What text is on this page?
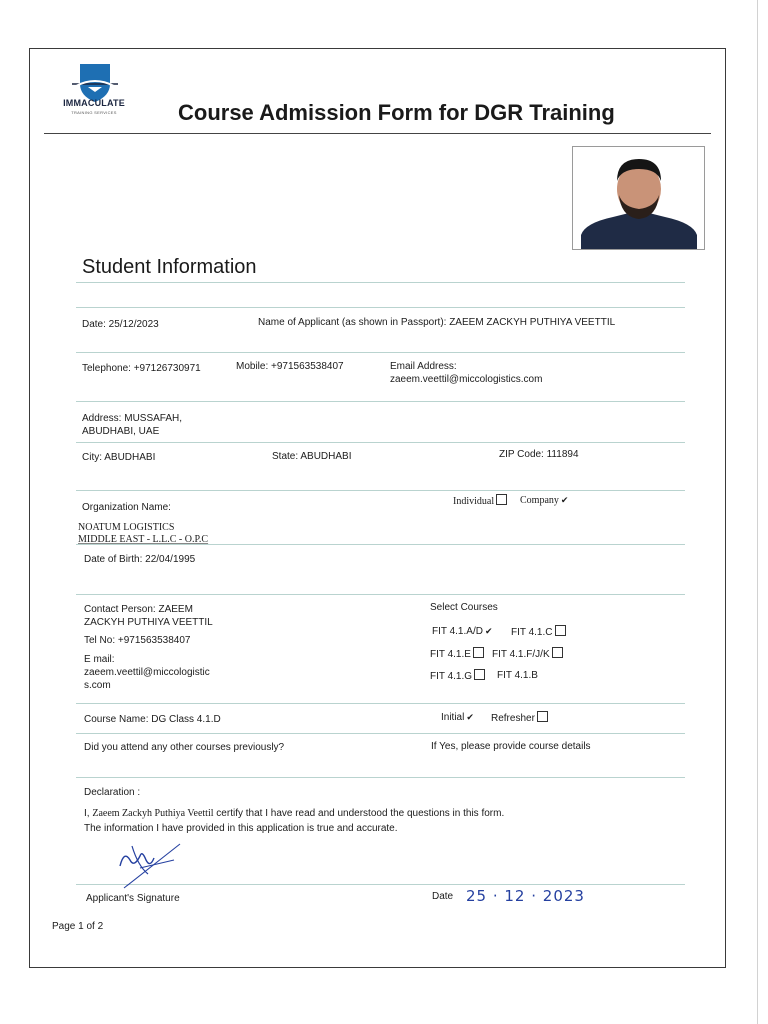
IMMACULATE
TRAINING SERVICES	Course Admission Form for DGR Training
Student Information
Date: 25/12/2023	Name of Applicant (as shown in Passport): ZAEEM ZACKYH PUTHIYA VEETTIL
Telephone: +97126730971	Mobile: +971563538407	Email Address:
zaeem.veettil@miccologistics.com
Address: MUSSAFAH,
ABUDHABI, UAE
City: ABUDHABI	State: ABUDHABI	ZIP Code: 111894
Organization Name:
Individual	Company ✔
NOATUM LOGISTICS
MIDDLE EAST - L.L.C - O.P.C
Date of Birth: 22/04/1995
Contact Person: ZAEEM
ZACKYH PUTHIYA VEETTIL
Tel No: +971563538407
E mail:
zaeem.veettil@miccologistic
s.com
Select Courses
FIT 4.1.A/D ✔ FIT 4.1.C
FIT 4.1.E	FIT 4.1.F/J/K
FIT 4.1.G	FIT 4.1.B
Course Name: DG Class 4.1.D	Initial ✔ Refresher
Did you attend any other courses previously?	If Yes, please provide course details
Declaration :
I, Zaeem Zackyh Puthiya Veettil certify that I have read and understood the questions in this form.
The information I have provided in this application is true and accurate.
Applicant's Signature	Date 25 · 12 · 2023
Page 1 of 2
